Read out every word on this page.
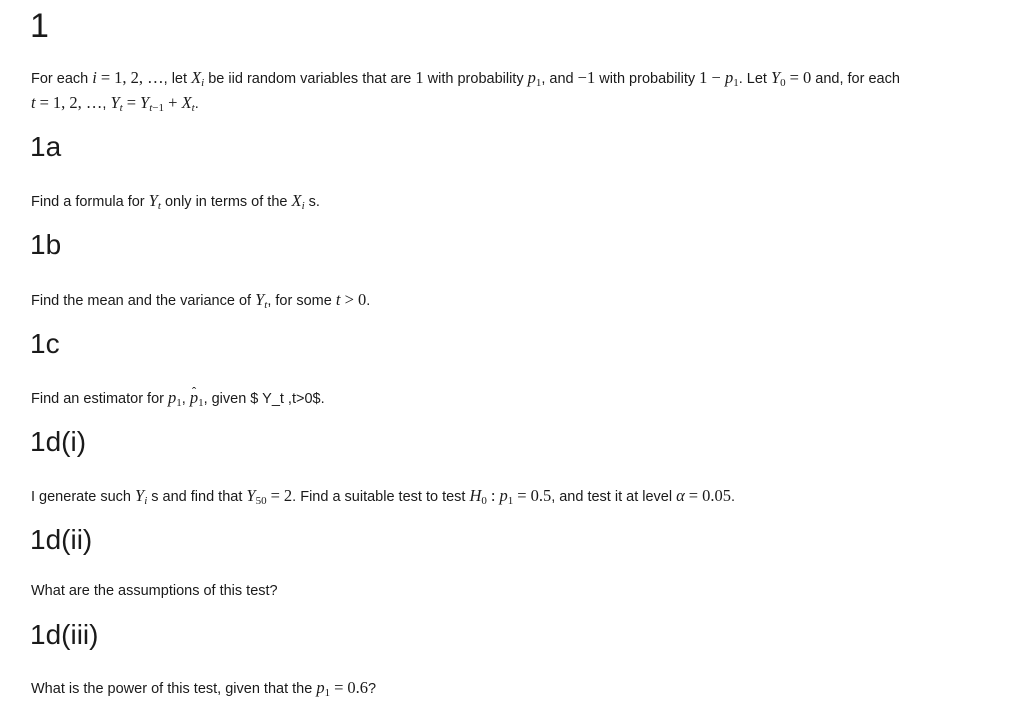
1

For each i = 1, 2, …, let $X_i$ be iid random variables that are 1 with probability $p_1$, and −1 with probability $1 - p_1$. Let $Y_0 = 0$ and, for each
t = 1, 2, …, $Y_t = Y_{t-1} + X_t$.

1a

Find a formula for $Y_t$ only in terms of the $X_i$ s.

1b

Find the mean and the variance of $Y_t$, for some t > 0.

1c

Find an estimator for $p_1$, ˆ $p_1$, given $ Y_t ,t>0$.

1d(i)

I generate such $Y_i$ s and find that $Y_{50} = 2$. Find a suitable test to test $H_0$ : $p_1 = 0.5$, and test it at level α = 0.05.

1d(ii)

What are the assumptions of this test?

1d(iii)

What is the power of this test, given that the $p_1 = 0.6$?
